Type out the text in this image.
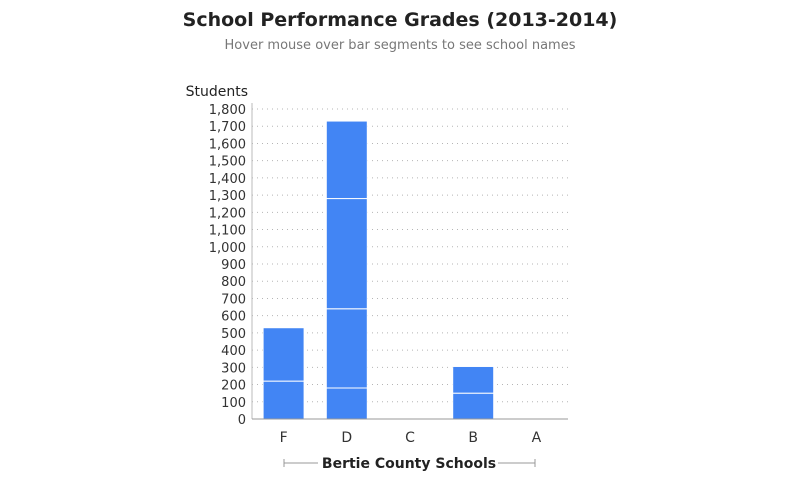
School Performance Grades (2013-2014)
Hover mouse over bar segments to see school names
0
100
200
300
400
500
600
700
800
900
1,000
1,100
1,200
1,300
1,400
1,500
1,600
1,700
1,800
F	D	C	B	A
Students
Bertie County Schools
